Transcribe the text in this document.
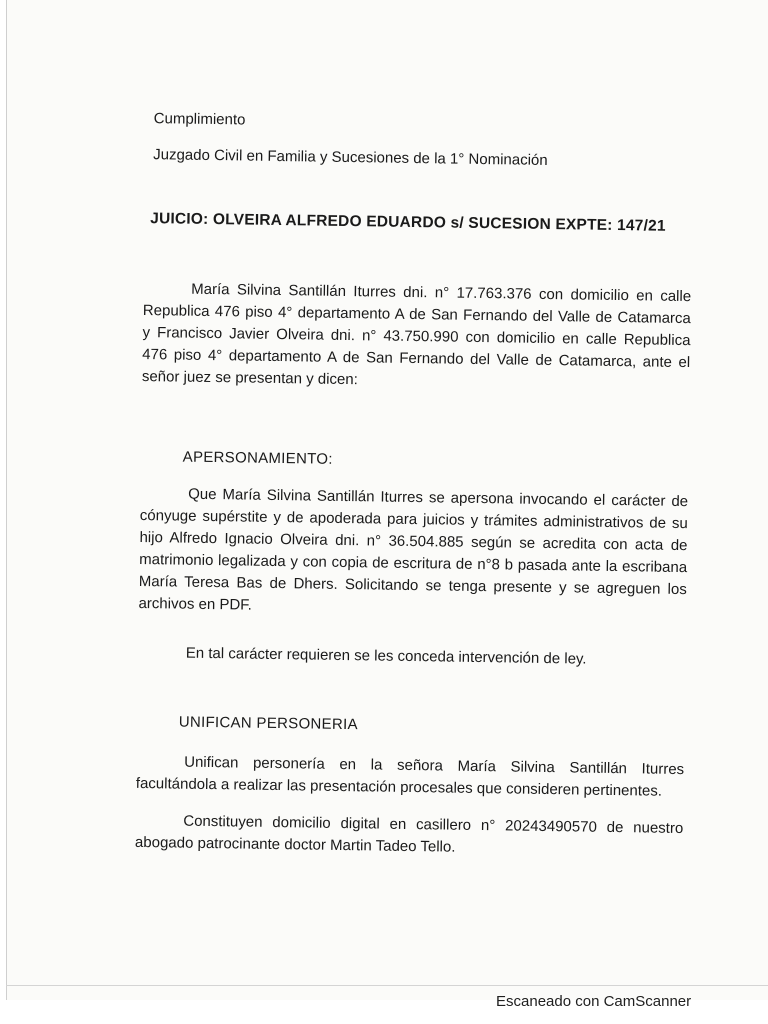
Cumplimiento
Juzgado Civil en Familia y Sucesiones de la 1° Nominación
JUICIO: OLVEIRA ALFREDO EDUARDO s/ SUCESION EXPTE: 147/21
María Silvina Santillán Iturres dni. n° 17.763.376 con domicilio en calle
Republica 476 piso 4° departamento A de San Fernando del Valle de Catamarca
y Francisco Javier Olveira dni. n° 43.750.990 con domicilio en calle Republica
476 piso 4° departamento A de San Fernando del Valle de Catamarca, ante el
señor juez se presentan y dicen:
APERSONAMIENTO:
Que María Silvina Santillán Iturres se apersona invocando el carácter de
cónyuge supérstite y de apoderada para juicios y trámites administrativos de su
hijo Alfredo Ignacio Olveira dni. n° 36.504.885 según se acredita con acta de
matrimonio legalizada y con copia de escritura de n°8 b pasada ante la escribana
María Teresa Bas de Dhers. Solicitando se tenga presente y se agreguen los
archivos en PDF.
En tal carácter requieren se les conceda intervención de ley.
UNIFICAN PERSONERIA
Unifican personería en la señora María Silvina Santillán Iturres
facultándola a realizar las presentación procesales que consideren pertinentes.
Constituyen domicilio digital en casillero n° 20243490570 de nuestro
abogado patrocinante doctor Martin Tadeo Tello.
Escaneado con CamScanner
